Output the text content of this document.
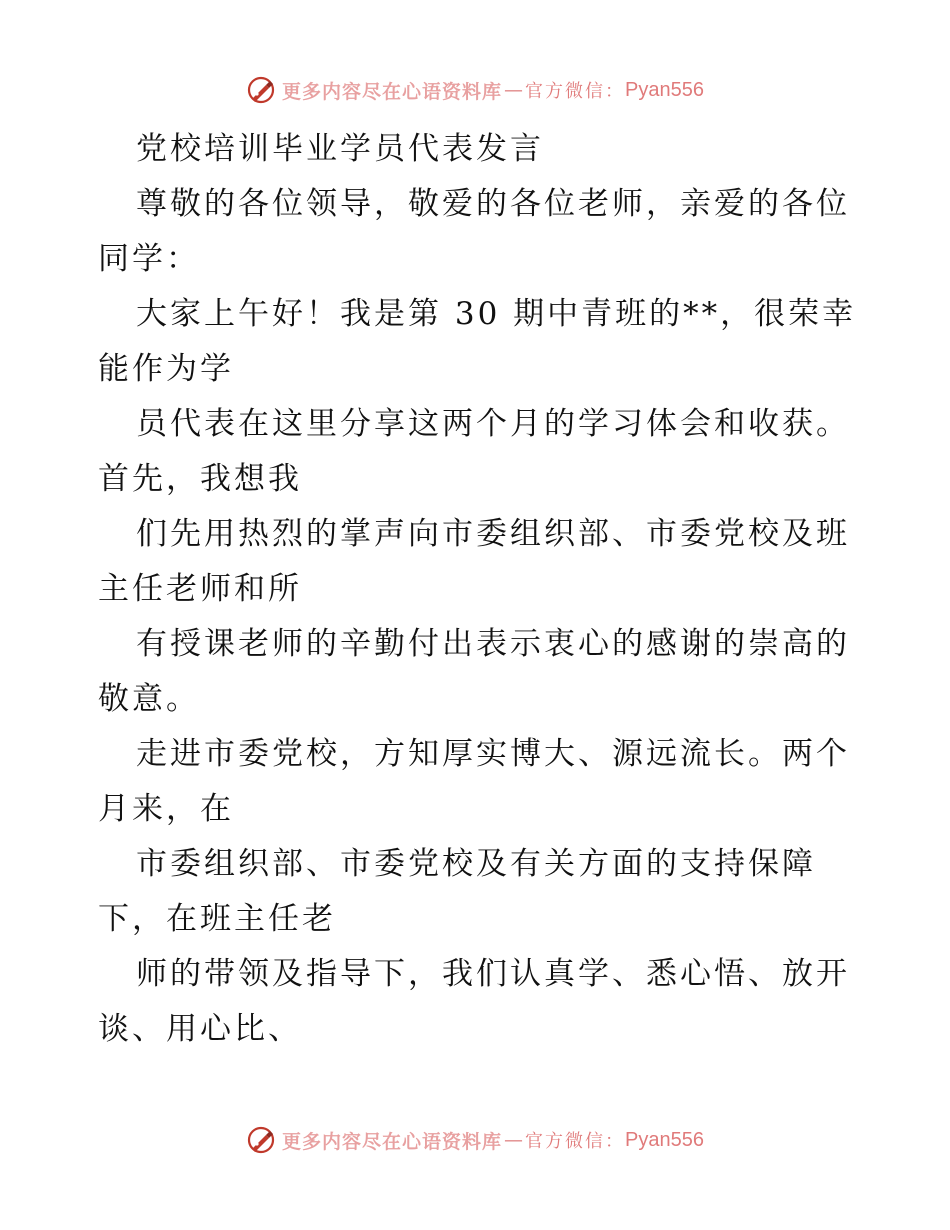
更多内容尽在心语资料库 — 官方微信： Pyan556
党校培训毕业学员代表发言
尊敬的各位领导，敬爱的各位老师，亲爱的各位
同学：
大家上午好！我是第 30 期中青班的**，很荣幸
能作为学
员代表在这里分享这两个月的学习体会和收获。
首先，我想我
们先用热烈的掌声向市委组织部、市委党校及班
主任老师和所
有授课老师的辛勤付出表示衷心的感谢的崇高的
敬意。
走进市委党校，方知厚实博大、源远流长。两个
月来，在
市委组织部、市委党校及有关方面的支持保障
下，在班主任老
师的带领及指导下，我们认真学、悉心悟、放开
谈、用心比、
更多内容尽在心语资料库 — 官方微信： Pyan556
